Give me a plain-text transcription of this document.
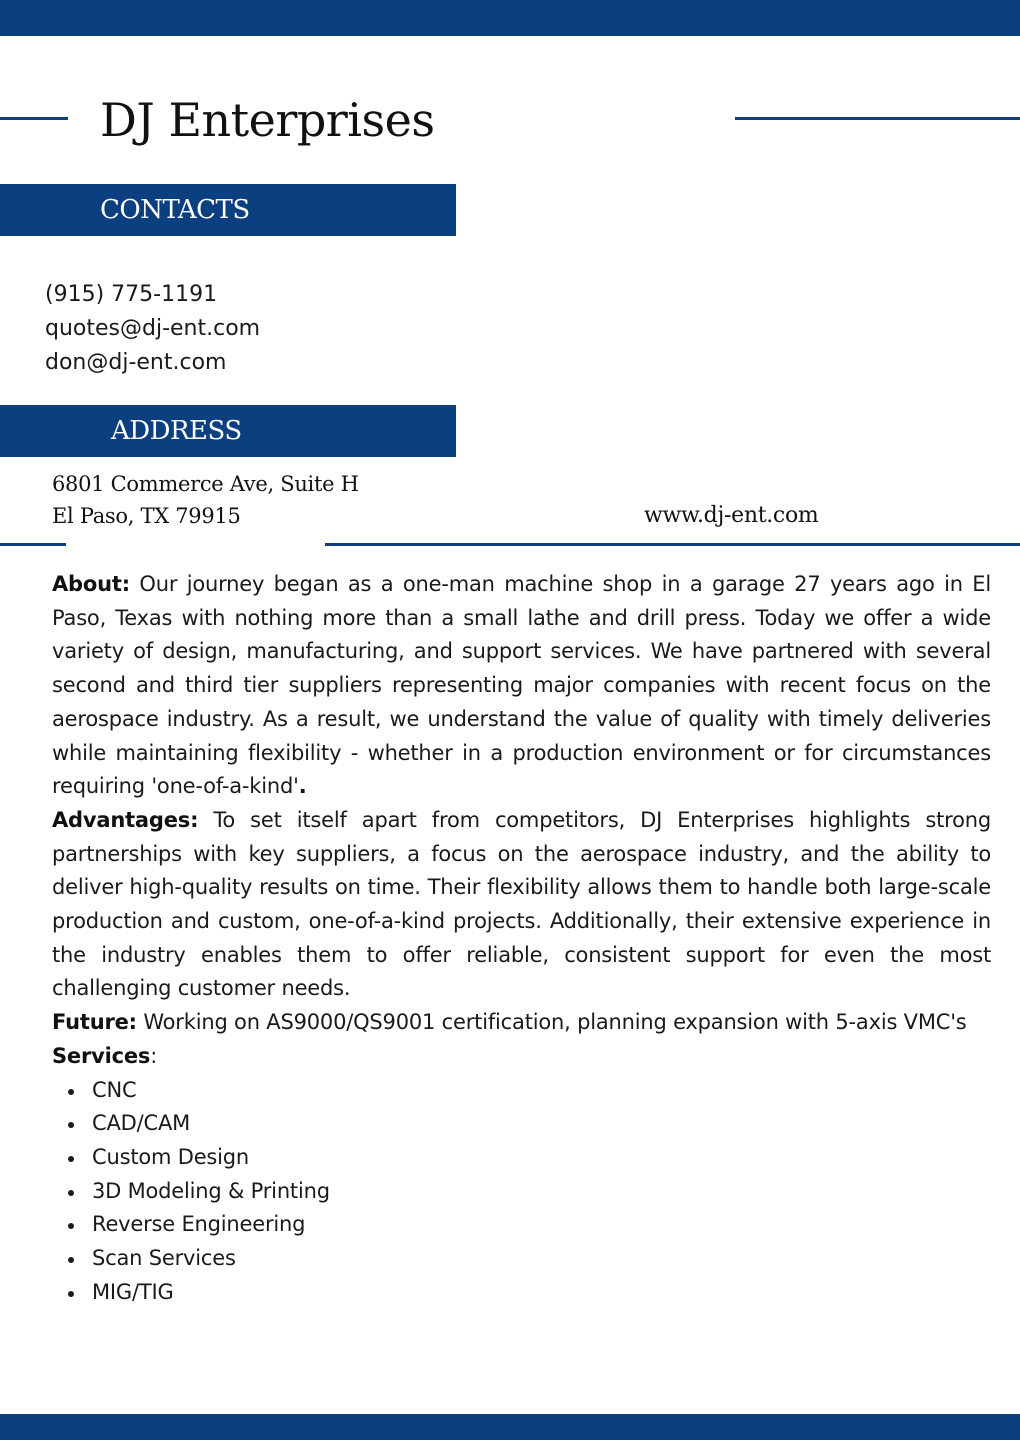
DJ Enterprises
CONTACTS
(915) 775-1191
quotes@dj-ent.com
don@dj-ent.com
ADDRESS
6801 Commerce Ave, Suite H
El Paso, TX 79915	www.dj-ent.com

About: Our journey began as a one-man machine shop in a garage 27 years ago in El Paso, Texas with nothing more than a small lathe and drill press. Today we offer a wide variety of design, manufacturing, and support services. We have partnered with several second and third tier suppliers representing major companies with recent focus on the aerospace industry. As a result, we understand the value of quality with timely deliveries while maintaining flexibility - whether in a production environment or for circumstances requiring 'one-of-a-kind'.

Advantages: To set itself apart from competitors, DJ Enterprises highlights strong partnerships with key suppliers, a focus on the aerospace industry, and the ability to deliver high-quality results on time. Their flexibility allows them to handle both large-scale production and custom, one-of-a-kind projects. Additionally, their extensive experience in the industry enables them to offer reliable, consistent support for even the most challenging customer needs.

Future: Working on AS9000/QS9001 certification, planning expansion with 5-axis VMC's

Services:

CNC
CAD/CAM
Custom Design
3D Modeling & Printing
Reverse Engineering
Scan Services
MIG/TIG
